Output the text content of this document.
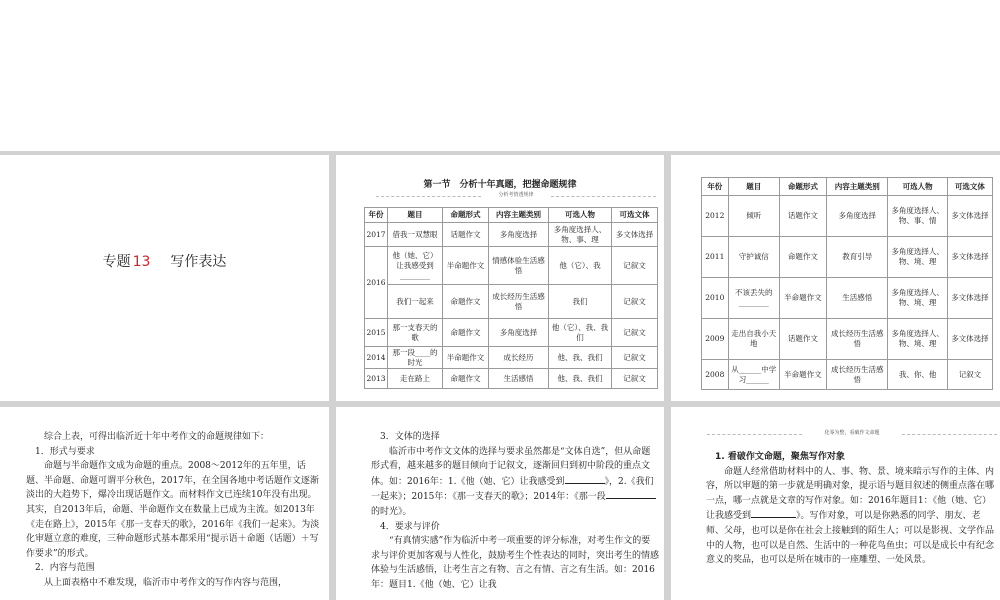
专题 13 写作表达
第一节　分析十年真题，把握命题规律
分析考情透规律
年份	题目	命题形式	内容主题类别	可选人物	可选文体
2017	借我一双慧眼	话题作文	多角度选择	多角度选择人、物、事、理	多文体选择
2016	他（她、它）让我感受到________	半命题作文	情感体验生活感悟	他（它）、我	记叙文
	我们一起来	命题作文	成长经历生活感悟	我们	记叙文
2015	那一支春天的歌	命题作文	多角度选择	他（它）、我、我们	记叙文
2014	那一段____的时光	半命题作文	成长经历	他、我、我们	记叙文
2013	走在路上	命题作文	生活感悟	他、我、我们	记叙文
年份	题目	命题形式	内容主题类别	可选人物	可选文体
2012	倾听	话题作文	多角度选择	多角度选择人、物、事、情	多文体选择
2011	守护诚信	命题作文	教育引导	多角度选择人、物、境、理	多文体选择
2010	不该丢失的________	半命题作文	生活感悟	多角度选择人、物、境、理	多文体选择
2009	走出自我小天地	话题作文	成长经历生活感悟	多角度选择人、物、境、理	多文体选择
2008	从______中学习______	半命题作文	成长经历生活感悟	我、你、他	记叙文

综合上表，可得出临沂近十年中考作文的命题规律如下：

1．形式与要求

命题与半命题作文成为命题的重点。2008～2012年的五年里，话题、半命题、命题可谓平分秋色，2017年，在全国各地中考话题作文逐渐淡出的大趋势下，爆冷出现话题作文。而材料作文已连续10年没有出现。其实，自2013年后，命题、半命题作文在数量上已成为主流。如2013年《走在路上》，2015年《那一支春天的歌》，2016年《我们一起来》。为淡化审题立意的难度，三种命题形式基本都采用“提示语＋命题（话题）＋写作要求”的形式。

2．内容与范围

从上面表格中不难发现，临沂市中考作文的写作内容与范围，

3．文体的选择

临沂市中考作文文体的选择与要求虽然都是“文体自选”，但从命题形式看，越来越多的题目倾向于记叙文，逐渐回归到初中阶段的重点文体。如：2016年：1.《他（她、它）让我感受到	》，2.《我们一起来》；2015年：《那一支春天的歌》；2014年：《那一段的时光》。

4．要求与评价

“有真情实感”作为临沂中考一项重要的评分标准，对考生作文的要求与评价更加客观与人性化，鼓励考生个性表达的同时，突出考生的情感体验与生活感悟，让考生言之有物、言之有情、言之有生活。如：2016年：题目1.《他（她、它）让我

化零为整，看破作文命题

1. 看破作文命题，聚焦写作对象

命题人经常借助材料中的人、事、物、景、境来暗示写作的主体、内容，所以审题的第一步就是明确对象，提示语与题目叙述的侧重点落在哪一点，哪一点就是文章的写作对象。如：2016年题目1：《他（她、它）让我感受到	》。写作对象，可以是你熟悉的同学、朋友、老师、父母，也可以是你在社会上接触到的陌生人；可以是影视、文学作品中的人物，也可以是自然、生活中的一种花鸟鱼虫；可以是成长中有纪念意义的奖品，也可以是所在城市的一座雕塑、一处风景。
